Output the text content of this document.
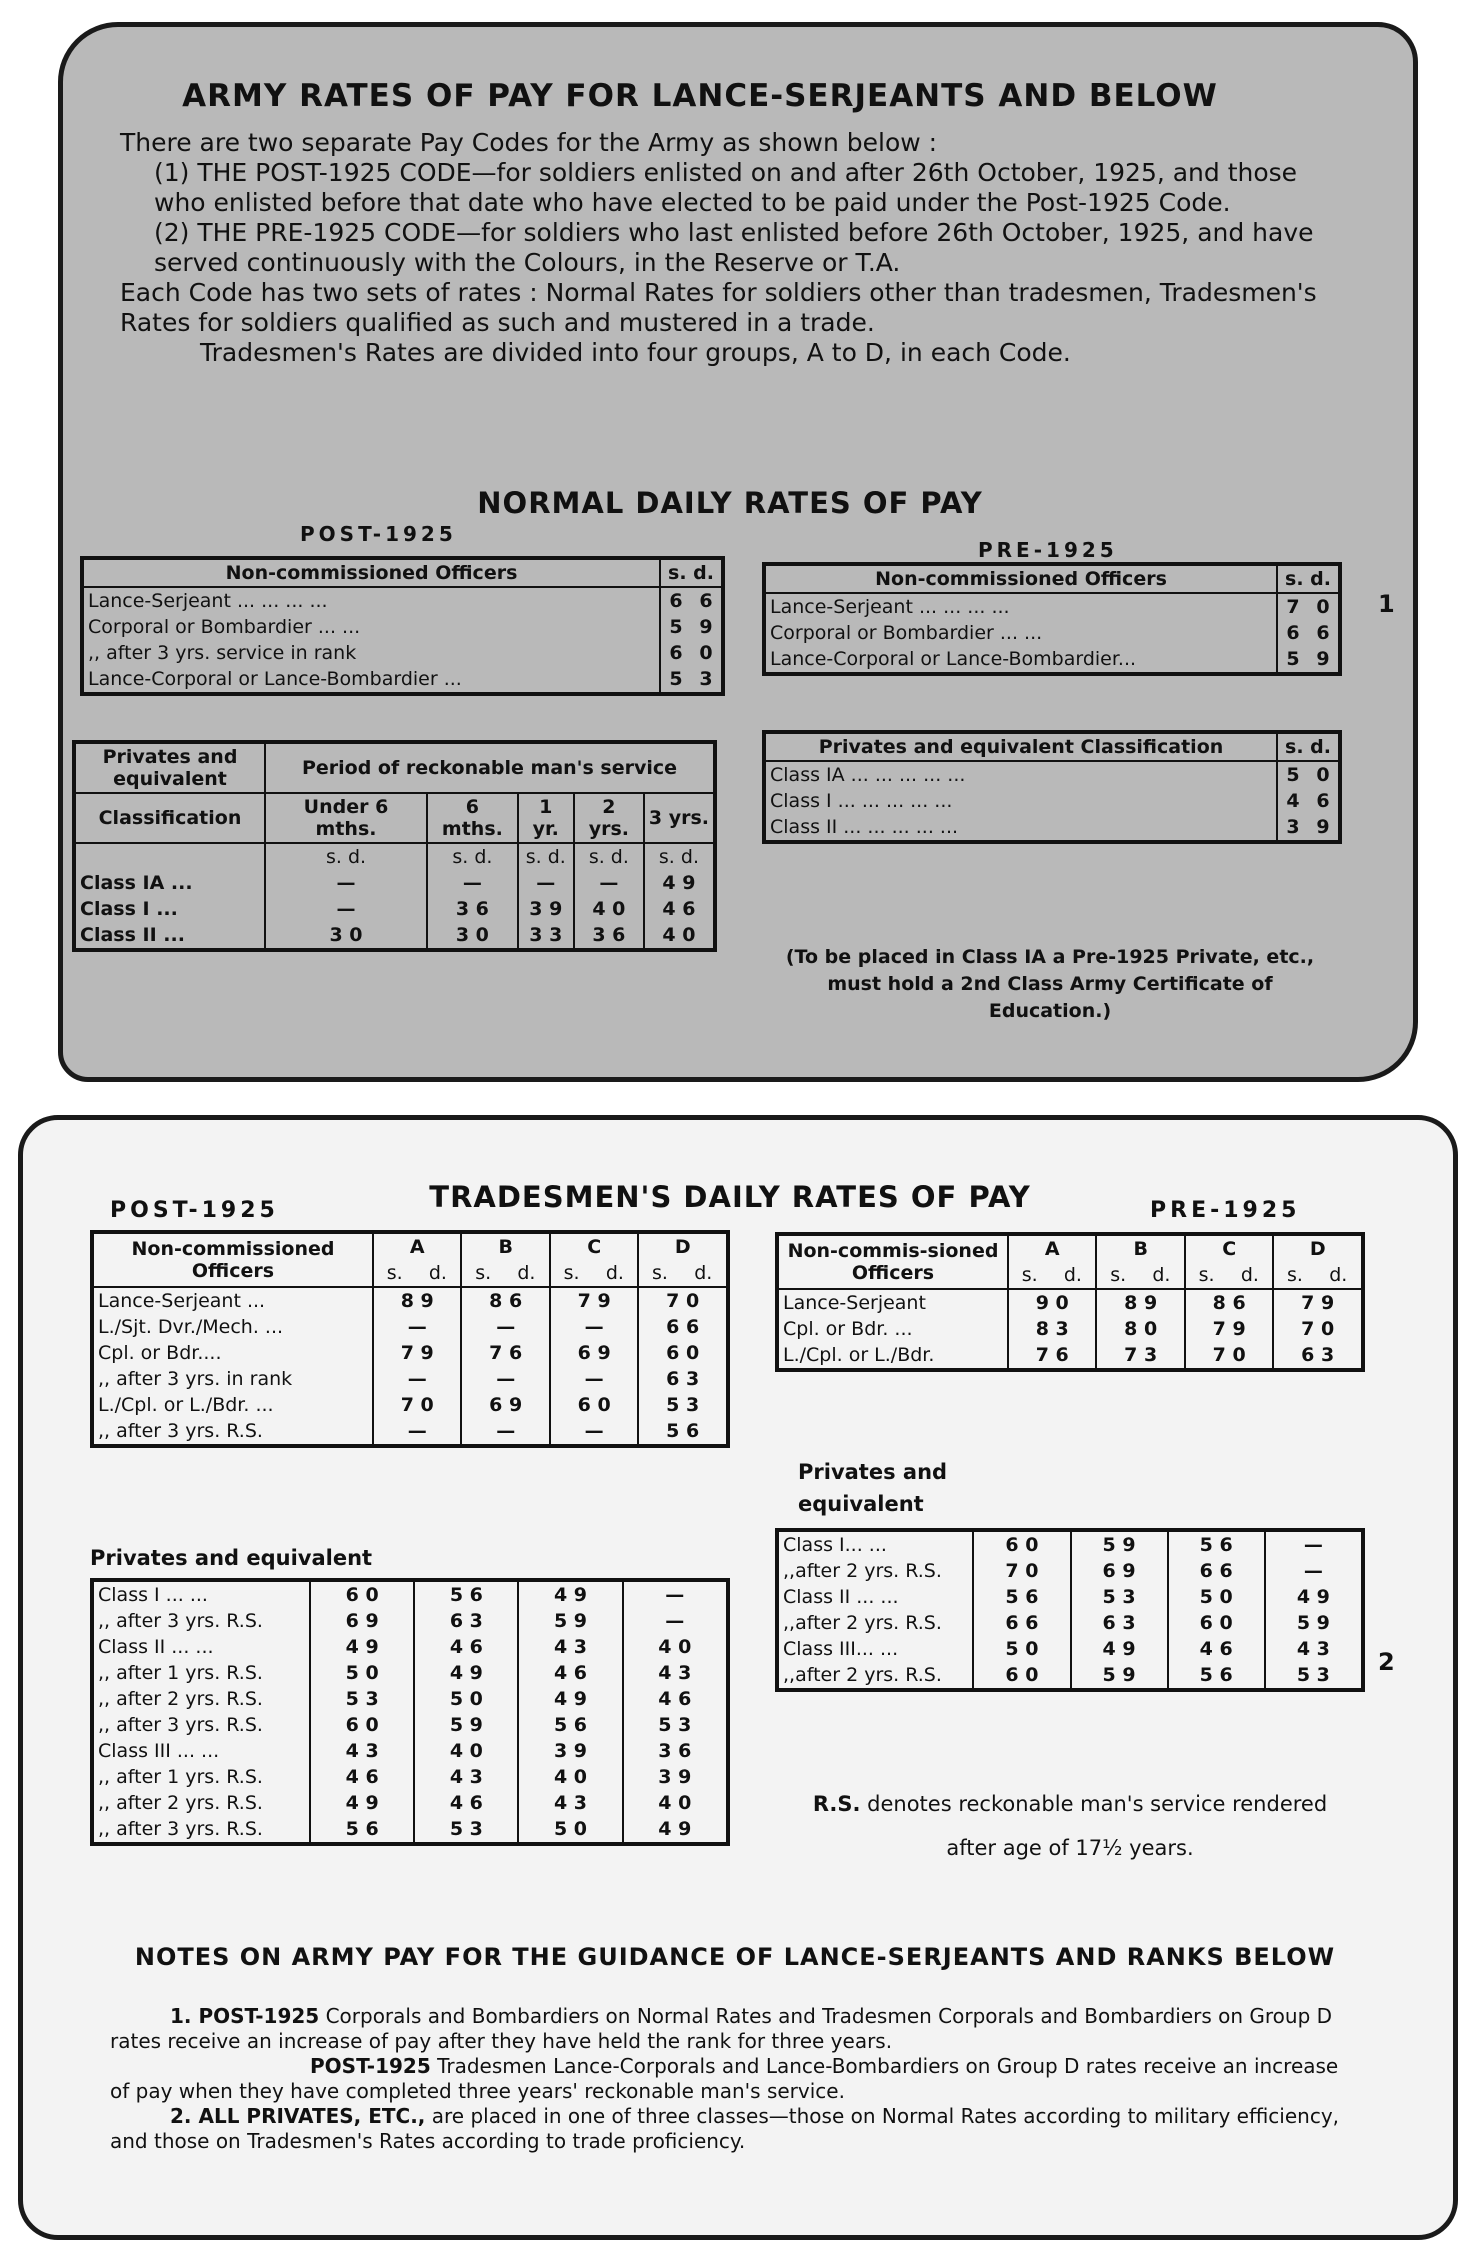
ARMY RATES OF PAY FOR LANCE-SERJEANTS AND BELOW

There are two separate Pay Codes for the Army as shown below :

(1) THE POST-1925 CODE—for soldiers enlisted on and after 26th October, 1925, and those who enlisted before that date who have elected to be paid under the Post-1925 Code.

(2) THE PRE-1925 CODE—for soldiers who last enlisted before 26th October, 1925, and have served continuously with the Colours, in the Reserve or T.A.

Each Code has two sets of rates : Normal Rates for soldiers other than tradesmen, Tradesmen's Rates for soldiers qualified as such and mustered in a trade.

Tradesmen's Rates are divided into four groups, A to D, in each Code.

NORMAL DAILY RATES OF PAY
POST-1925
PRE-1925
Non-commissioned Officers	s. d.	
Lance-Serjeant ... ... ... ...	6	6
Corporal or Bombardier ... ...	5	9
,, after 3 yrs. service in rank	6	0
Lance-Corporal or Lance-Bombardier ...	5	3
Privates and equivalent	Period of reckonable man's service				
Classification	Under 6 mths.	6 mths.	1 yr.	2 yrs.	3 yrs.
	s. d.	s. d.	s. d.	s. d.	s. d.
Class IA ...	—	—	—	—	4 9
Class I ...	—	3 6	3 9	4 0	4 6
Class II ...	3 0	3 0	3 3	3 6	4 0
Non-commissioned Officers	s. d.	
Lance-Serjeant ... ... ... ...	7	0
Corporal or Bombardier ... ...	6	6
Lance-Corporal or Lance-Bombardier...	5	9
Privates and equivalent Classification	s. d.	
Class IA ... ... ... ... ...	5	0
Class I ... ... ... ... ...	4	6
Class II ... ... ... ... ...	3	9
(To be placed in Class IA a Pre-1925 Private, etc., must hold a 2nd Class Army Certificate of Education.)
1
POST-1925	TRADESMEN'S DAILY RATES OF PAY	PRE-1925
Non-commissioned Officers	A		B		C		D	
	s.	d.	s.	d.	s.	d.	s.	d.
Lance-Serjeant ...	8 9		8 6		7 9		7 0	
L./Sjt. Dvr./Mech. ...	—		—		—		6 6	
Cpl. or Bdr....	7 9		7 6		6 9		6 0	
,, after 3 yrs. in rank	—		—		—		6 3	
L./Cpl. or L./Bdr. ...	7 0		6 9		6 0		5 3	
,, after 3 yrs. R.S.	—		—		—		5 6	
Privates and equivalent
Class I ... ...	6 0	5 6	4 9	—
,, after 3 yrs. R.S.	6 9	6 3	5 9	—
Class II ... ...	4 9	4 6	4 3	4 0
,, after 1 yrs. R.S.	5 0	4 9	4 6	4 3
,, after 2 yrs. R.S.	5 3	5 0	4 9	4 6
,, after 3 yrs. R.S.	6 0	5 9	5 6	5 3
Class III ... ...	4 3	4 0	3 9	3 6
,, after 1 yrs. R.S.	4 6	4 3	4 0	3 9
,, after 2 yrs. R.S.	4 9	4 6	4 3	4 0
,, after 3 yrs. R.S.	5 6	5 3	5 0	4 9
Non-commis-sioned Officers	A		B		C		D	
	s.	d.	s.	d.	s.	d.	s.	d.
Lance-Serjeant	9 0		8 9		8 6		7 9	
Cpl. or Bdr. ...	8 3		8 0		7 9		7 0	
L./Cpl. or L./Bdr.	7 6		7 3		7 0		6 3	
Privates and equivalent
Class I... ...	6 0	5 9	5 6	—
,,after 2 yrs. R.S.	7 0	6 9	6 6	—
Class II ... ...	5 6	5 3	5 0	4 9
,,after 2 yrs. R.S.	6 6	6 3	6 0	5 9
Class III... ...	5 0	4 9	4 6	4 3
,,after 2 yrs. R.S.	6 0	5 9	5 6	5 3
R.S. denotes reckonable man's service rendered after age of 17½ years.
2
NOTES ON ARMY PAY FOR THE GUIDANCE OF LANCE-SERJEANTS AND RANKS BELOW

1. POST-1925 Corporals and Bombardiers on Normal Rates and Tradesmen Corporals and Bombardiers on Group D rates receive an increase of pay after they have held the rank for three years.

POST-1925 Tradesmen Lance-Corporals and Lance-Bombardiers on Group D rates receive an increase of pay when they have completed three years' reckonable man's service.

2. ALL PRIVATES, ETC., are placed in one of three classes—those on Normal Rates according to military efficiency, and those on Tradesmen's Rates according to trade proficiency.
